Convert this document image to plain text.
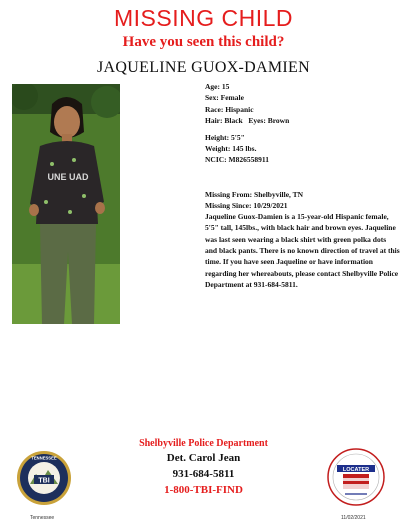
MISSING CHILD
Have you seen this child?
JAQUELINE GUOX-DAMIEN
UNE UAD
Age: 15
Sex: Female
Race: Hispanic
Hair: Black   Eyes: Brown
Height: 5'5"
Weight: 145 lbs.
NCIC: M826558911
Missing From: Shelbyville, TN
Missing Since: 10/29/2021
Jaqueline Guox-Damien is a 15-year-old Hispanic female, 5'5" tall, 145lbs., with black hair and brown eyes. Jaqueline was last seen wearing a black shirt with green polka dots and black pants. There is no known direction of travel at this time. If you have seen Jaqueline or have information regarding her whereabouts, please contact Shelbyville Police Department at 931-684-5811.
TBI
TENNESSEE
Shelbyville Police Department
Det. Carol Jean
931-684-5811
1-800-TBI-FIND
LOCATER
Tennessee	11/02/2021
